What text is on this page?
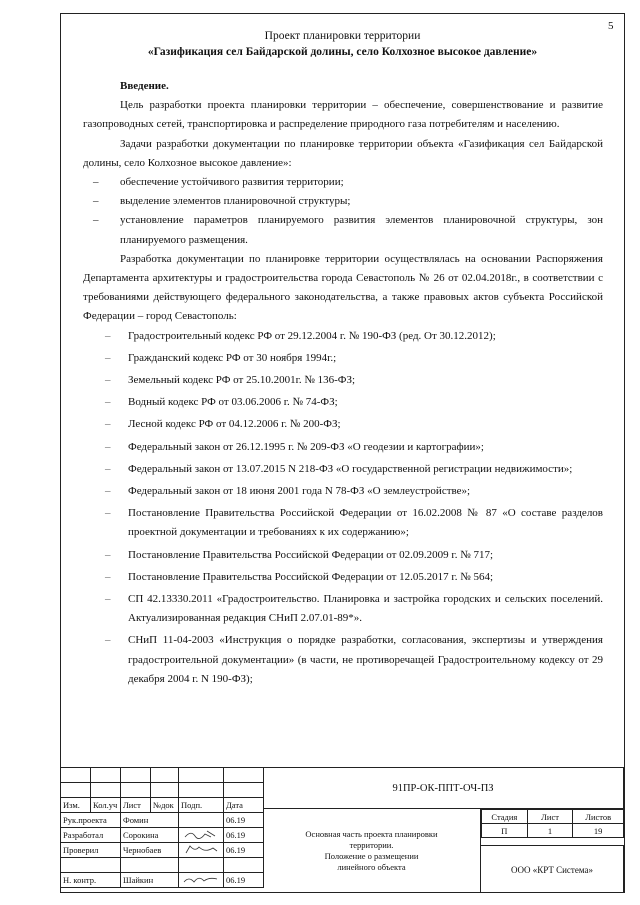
5
Проект планировки территории
«Газификация сел Байдарской долины, село Колхозное высокое давление»

Введение.

Цель разработки проекта планировки территории – обеспечение, совершенствование и развитие газопроводных сетей, транспортировка и распределение природного газа потребителям и населению.

Задачи разработки документации по планировке территории объекта «Газификация сел Байдарской долины, село Колхозное высокое давление»:

– обеспечение устойчивого развития территории;

– выделение элементов планировочной структуры;

– установление параметров планируемого развития элементов планировочной структуры, зон планируемого размещения.

Разработка документации по планировке территории осуществлялась на основании Распоряжения Департамента архитектуры и градостроительства города Севастополь № 26 от 02.04.2018г., в соответствии с требованиями действующего федерального законодательства, а также правовых актов субъекта Российской Федерации – город Севастополь:

– Градостроительный кодекс РФ от 29.12.2004 г. № 190-ФЗ (ред. От 30.12.2012);

– Гражданский кодекс РФ от 30 ноября 1994г.;

– Земельный кодекс РФ от 25.10.2001г. № 136-ФЗ;

– Водный кодекс РФ от 03.06.2006 г. № 74-ФЗ;

– Лесной кодекс РФ от 04.12.2006 г. № 200-ФЗ;

– Федеральный закон от 26.12.1995 г. № 209-ФЗ «О геодезии и картографии»;

– Федеральный закон от 13.07.2015 N 218-ФЗ «О государственной регистрации недвижимости»;

– Федеральный закон от 18 июня 2001 года N 78-ФЗ «О землеустройстве»;

– Постановление Правительства Российской Федерации от 16.02.2008 № 87 «О составе разделов проектной документации и требованиях к их содержанию»;

– Постановление Правительства Российской Федерации от 02.09.2009 г. № 717;

– Постановление Правительства Российской Федерации от 12.05.2017 г. № 564;

– СП 42.13330.2011 «Градостроительство. Планировка и застройка городских и сельских поселений. Актуализированная редакция СНиП 2.07.01-89*».

– СНиП 11-04-2003 «Инструкция о порядке разработки, согласования, экспертизы и утверждения градостроительной документации» (в части, не противоречащей Градостроительному кодексу от 29 декабря 2004 г. N 190-ФЗ);

Изм.	Кол.уч	Лист	№док	Подп.	Дата
Рук.проекта		Фомин			06.19
Разработал		Сорокина			06.19
Проверил		Чернобаев			06.19

Н. контр.		Шайкин			06.19
91ПР-ОК-ППТ-ОЧ-ПЗ
Основная часть проекта планировки
территории.
Положение о размещении
линейного объекта
Стадия	Лист	Листов
П	1	19
ООО «КРТ Система»
